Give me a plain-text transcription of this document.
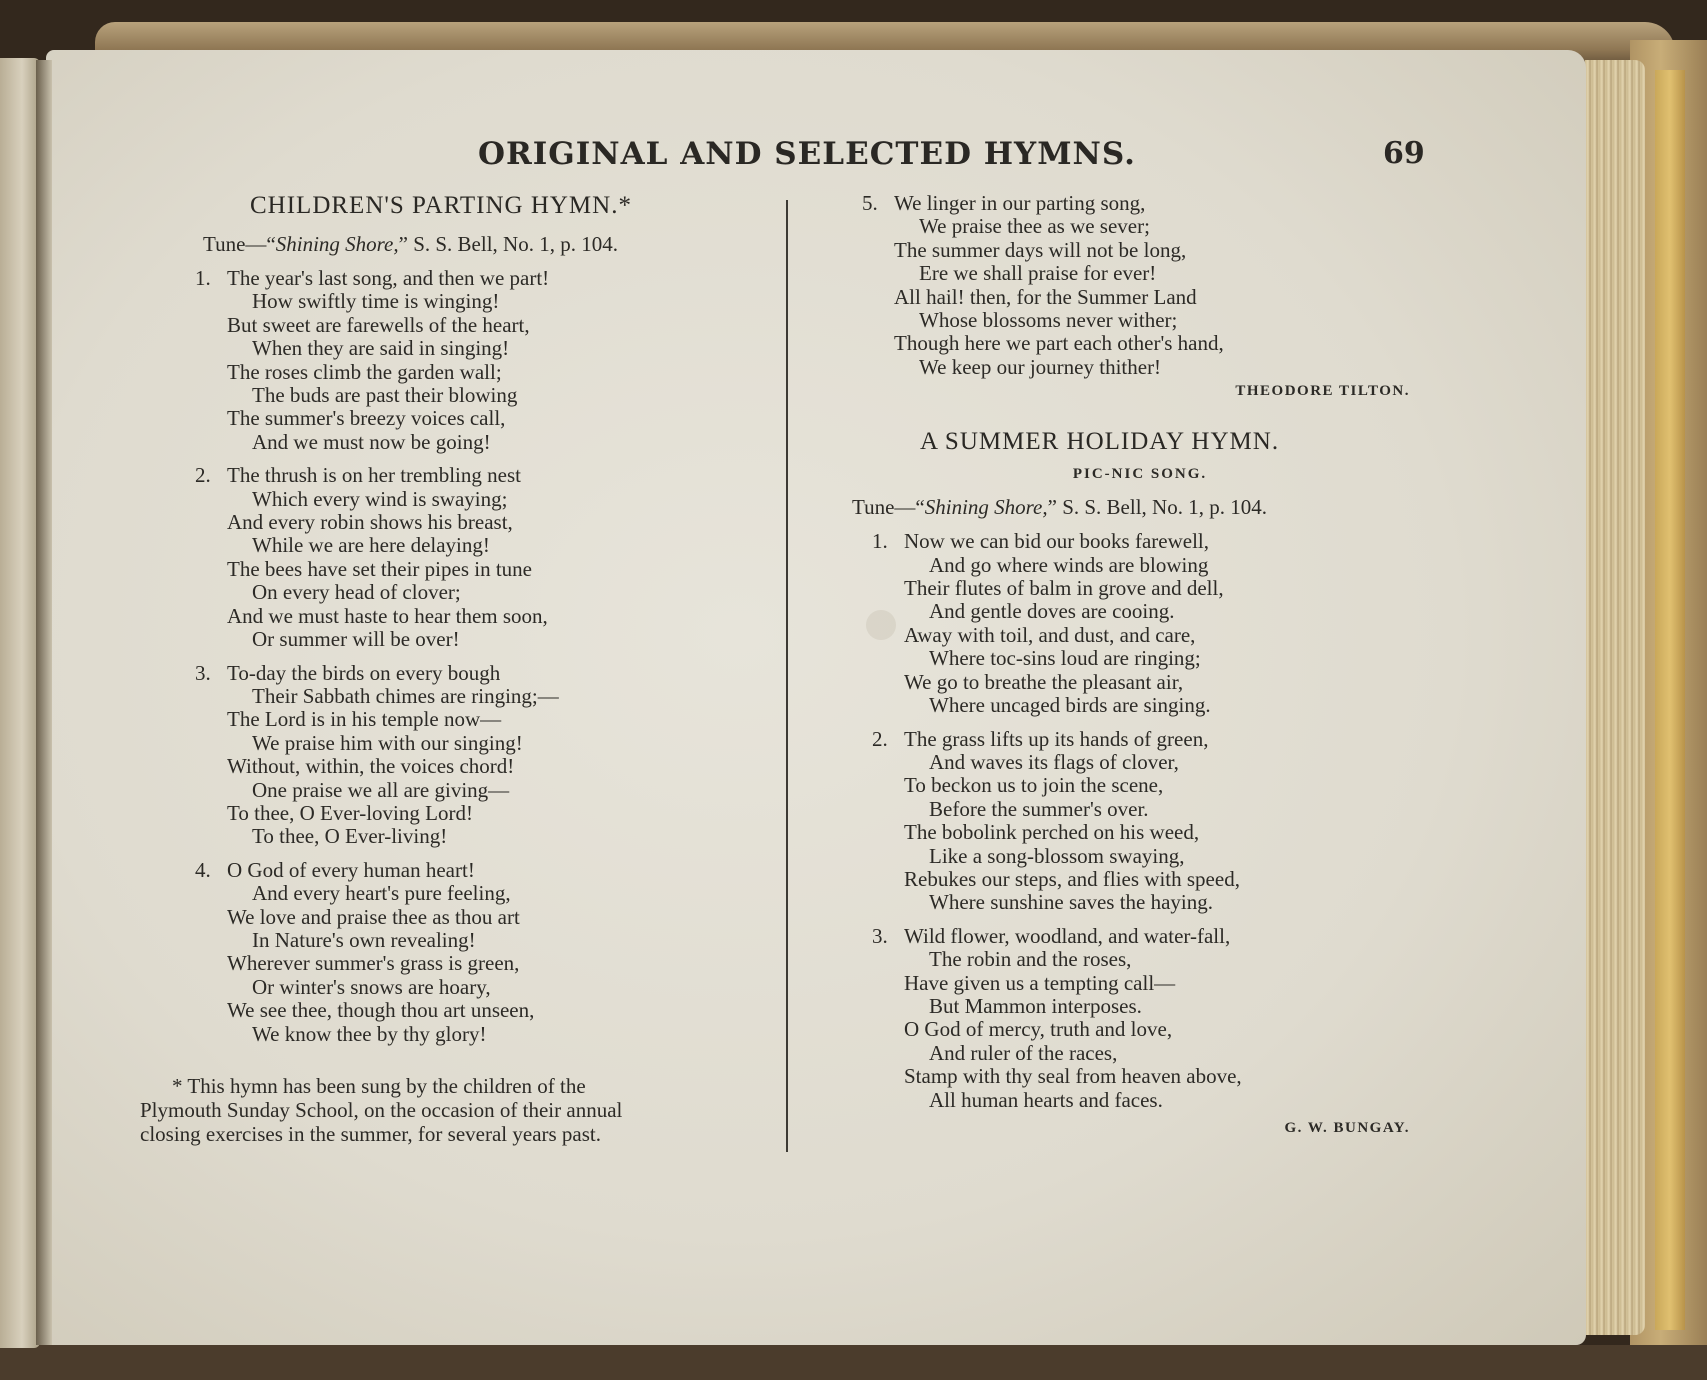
ORIGINAL AND SELECTED HYMNS.	69
CHILDREN'S PARTING HYMN.*
Tune—“Shining Shore,” S. S. Bell, No. 1, p. 104.
1. The year's last song, and then we part!
How swiftly time is winging!
But sweet are farewells of the heart,
When they are said in singing!
The roses climb the garden wall;
The buds are past their blowing
The summer's breezy voices call,
And we must now be going!
2. The thrush is on her trembling nest
Which every wind is swaying;
And every robin shows his breast,
While we are here delaying!
The bees have set their pipes in tune
On every head of clover;
And we must haste to hear them soon,
Or summer will be over!
3. To-day the birds on every bough
Their Sabbath chimes are ringing;—
The Lord is in his temple now—
We praise him with our singing!
Without, within, the voices chord!
One praise we all are giving—
To thee, O Ever-loving Lord!
To thee, O Ever-living!
4. O God of every human heart!
And every heart's pure feeling,
We love and praise thee as thou art
In Nature's own revealing!
Wherever summer's grass is green,
Or winter's snows are hoary,
We see thee, though thou art unseen,
We know thee by thy glory!
* This hymn has been sung by the children of the
Plymouth Sunday School, on the occasion of their annual
closing exercises in the summer, for several years past.
5. We linger in our parting song,
We praise thee as we sever;
The summer days will not be long,
Ere we shall praise for ever!
All hail! then, for the Summer Land
Whose blossoms never wither;
Though here we part each other's hand,
We keep our journey thither!
THEODORE TILTON.
A SUMMER HOLIDAY HYMN.
PIC-NIC SONG.
Tune—“Shining Shore,” S. S. Bell, No. 1, p. 104.
1. Now we can bid our books farewell,
And go where winds are blowing
Their flutes of balm in grove and dell,
And gentle doves are cooing.
Away with toil, and dust, and care,
Where toc-sins loud are ringing;
We go to breathe the pleasant air,
Where uncaged birds are singing.
2. The grass lifts up its hands of green,
And waves its flags of clover,
To beckon us to join the scene,
Before the summer's over.
The bobolink perched on his weed,
Like a song-blossom swaying,
Rebukes our steps, and flies with speed,
Where sunshine saves the haying.
3. Wild flower, woodland, and water-fall,
The robin and the roses,
Have given us a tempting call—
But Mammon interposes.
O God of mercy, truth and love,
And ruler of the races,
Stamp with thy seal from heaven above,
All human hearts and faces.
G. W. BUNGAY.
